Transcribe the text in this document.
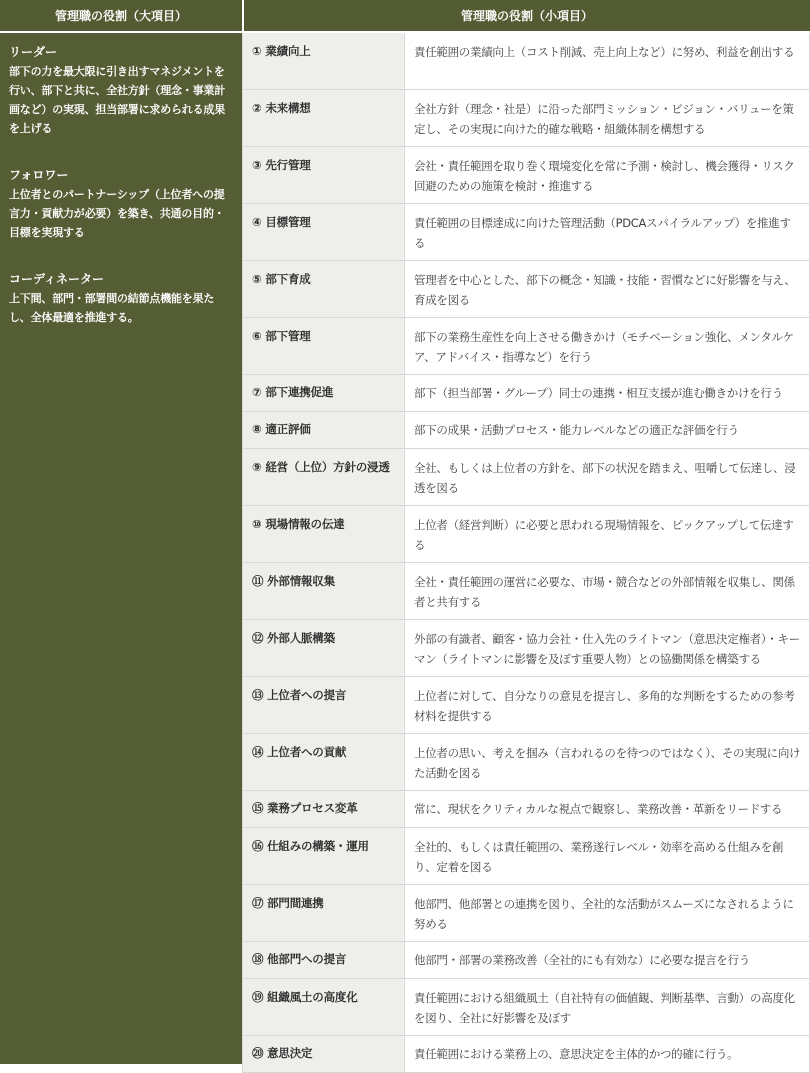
管理職の役割（大項目）	管理職の役割（小項目）
リーダー
部下の力を最大限に引き出すマネジメントを行い、部下と共に、全社方針（理念・事業計画など）の実現、担当部署に求められる成果を上げる
フォロワー
上位者とのパートナーシップ（上位者への提言力・貢献力が必要）を築き、共通の目的・目標を実現する
コーディネーター
上下間、部門・部署間の結節点機能を果たし、全体最適を推進する。
① 業績向上	責任範囲の業績向上（コスト削減、売上向上など）に努め、利益を創出する
② 未来構想	全社方針（理念・社是）に沿った部門ミッション・ビジョン・バリューを策定し、その実現に向けた的確な戦略・組織体制を構想する
③ 先行管理	会社・責任範囲を取り巻く環境変化を常に予測・検討し、機会獲得・リスク回避のための施策を検討・推進する
④ 目標管理	責任範囲の目標達成に向けた管理活動（PDCAスパイラルアップ）を推進する
⑤ 部下育成	管理者を中心とした、部下の概念・知識・技能・習慣などに好影響を与え、育成を図る
⑥ 部下管理	部下の業務生産性を向上させる働きかけ（モチベーション強化、メンタルケア、アドバイス・指導など）を行う
⑦ 部下連携促進	部下（担当部署・グループ）同士の連携・相互支援が進む働きかけを行う
⑧ 適正評価	部下の成果・活動プロセス・能力レベルなどの適正な評価を行う
⑨ 経営（上位）方針の浸透	全社、もしくは上位者の方針を、部下の状況を踏まえ、咀嚼して伝達し、浸透を図る
⑩ 現場情報の伝達	上位者（経営判断）に必要と思われる現場情報を、ピックアップして伝達する
⑪ 外部情報収集	全社・責任範囲の運営に必要な、市場・競合などの外部情報を収集し、関係者と共有する
⑫ 外部人脈構築	外部の有識者、顧客・協力会社・仕入先のライトマン（意思決定権者）・キーマン（ライトマンに影響を及ぼす重要人物）との協働関係を構築する
⑬ 上位者への提言	上位者に対して、自分なりの意見を提言し、多角的な判断をするための参考材料を提供する
⑭ 上位者への貢献	上位者の思い、考えを掴み（言われるのを待つのではなく）、その実現に向けた活動を図る
⑮ 業務プロセス変革	常に、現状をクリティカルな視点で観察し、業務改善・革新をリードする
⑯ 仕組みの構築・運用	全社的、もしくは責任範囲の、業務遂行レベル・効率を高める仕組みを創り、定着を図る
⑰ 部門間連携	他部門、他部署との連携を図り、全社的な活動がスムーズになされるように努める
⑱ 他部門への提言	他部門・部署の業務改善（全社的にも有効な）に必要な提言を行う
⑲ 組織風土の高度化	責任範囲における組織風土（自社特有の価値観、判断基準、言動）の高度化を図り、全社に好影響を及ぼす
⑳ 意思決定	責任範囲における業務上の、意思決定を主体的かつ的確に行う。
